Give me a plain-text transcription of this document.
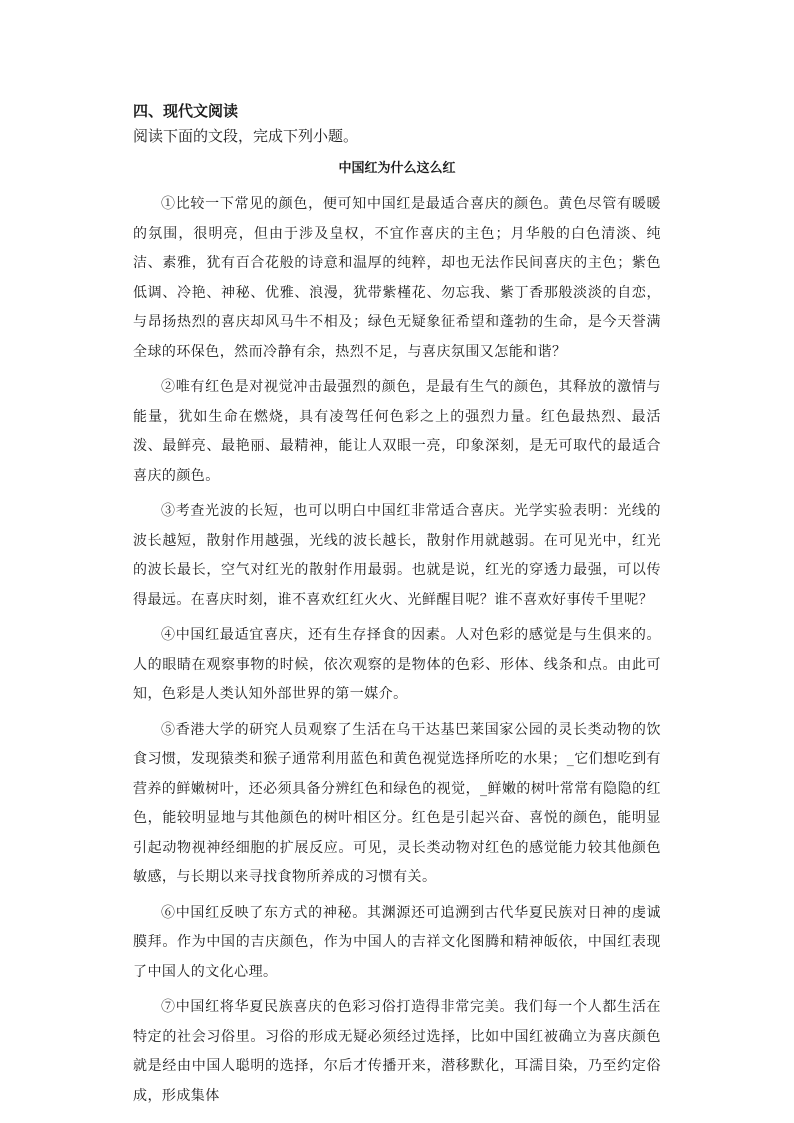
四、现代文阅读

阅读下面的文段，完成下列小题。

中国红为什么这么红

①比较一下常见的颜色，便可知中国红是最适合喜庆的颜色。黄色尽管有暖暖的氛围，很明亮，但由于涉及皇权，不宜作喜庆的主色；月华般的白色清淡、纯洁、素雅，犹有百合花般的诗意和温厚的纯粹，却也无法作民间喜庆的主色；紫色低调、冷艳、神秘、优雅、浪漫，犹带紫槿花、勿忘我、紫丁香那般淡淡的自恋，与昂扬热烈的喜庆却风马牛不相及；绿色无疑象征希望和蓬勃的生命，是今天誉满全球的环保色，然而冷静有余，热烈不足，与喜庆氛围又怎能和谐？

②唯有红色是对视觉冲击最强烈的颜色，是最有生气的颜色，其释放的激情与能量，犹如生命在燃烧，具有凌驾任何色彩之上的强烈力量。红色最热烈、最活泼、最鲜亮、最艳丽、最精神，能让人双眼一亮，印象深刻，是无可取代的最适合喜庆的颜色。

③考查光波的长短，也可以明白中国红非常适合喜庆。光学实验表明：光线的波长越短，散射作用越强，光线的波长越长，散射作用就越弱。在可见光中，红光的波长最长，空气对红光的散射作用最弱。也就是说，红光的穿透力最强，可以传得最远。在喜庆时刻，谁不喜欢红红火火、光鲜醒目呢？谁不喜欢好事传千里呢？

④中国红最适宜喜庆，还有生存择食的因素。人对色彩的感觉是与生俱来的。人的眼睛在观察事物的时候，依次观察的是物体的色彩、形体、线条和点。由此可知，色彩是人类认知外部世界的第一媒介。

⑤香港大学的研究人员观察了生活在乌干达基巴莱国家公园的灵长类动物的饮食习惯，发现猿类和猴子通常利用蓝色和黄色视觉选择所吃的水果；_它们想吃到有营养的鲜嫩树叶，还必须具备分辨红色和绿色的视觉，_鲜嫩的树叶常常有隐隐的红色，能较明显地与其他颜色的树叶相区分。红色是引起兴奋、喜悦的颜色，能明显引起动物视神经细胞的扩展反应。可见，灵长类动物对红色的感觉能力较其他颜色敏感，与长期以来寻找食物所养成的习惯有关。

⑥中国红反映了东方式的神秘。其渊源还可追溯到古代华夏民族对日神的虔诚膜拜。作为中国的吉庆颜色，作为中国人的吉祥文化图腾和精神皈依，中国红表现了中国人的文化心理。

⑦中国红将华夏民族喜庆的色彩习俗打造得非常完美。我们每一个人都生活在特定的社会习俗里。习俗的形成无疑必须经过选择，比如中国红被确立为喜庆颜色就是经由中国人聪明的选择，尔后才传播开来，潜移默化，耳濡目染，乃至约定俗成，形成集体
